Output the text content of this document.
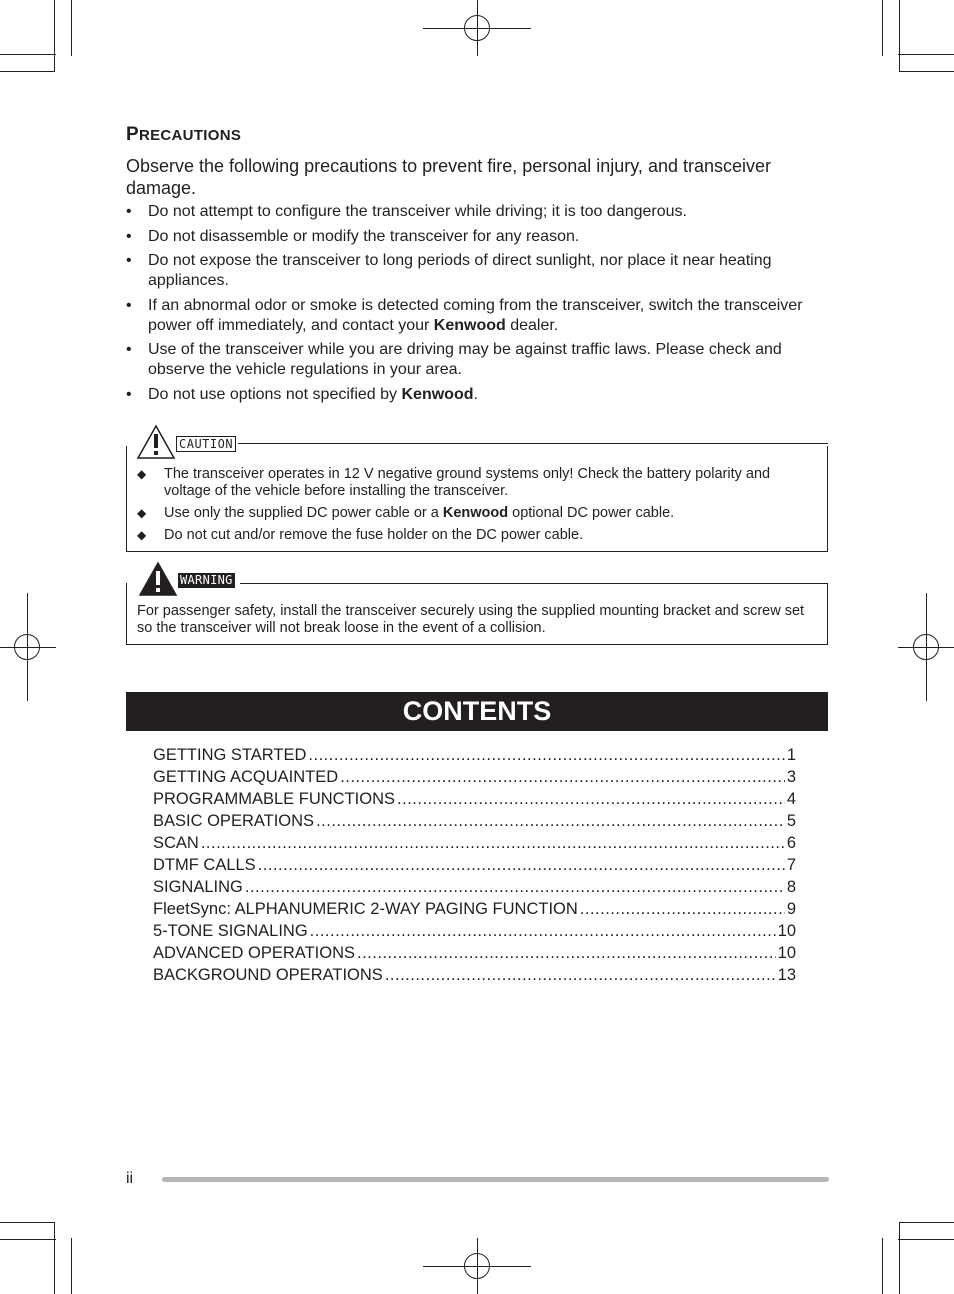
PRECAUTIONS
Observe the following precautions to prevent fire, personal injury, and transceiver damage.
• Do not attempt to configure the transceiver while driving; it is too dangerous.
• Do not disassemble or modify the transceiver for any reason.
• Do not expose the transceiver to long periods of direct sunlight, nor place it near heating appliances.
• If an abnormal odor or smoke is detected coming from the transceiver, switch the transceiver power off immediately, and contact your Kenwood dealer.
• Use of the transceiver while you are driving may be against traffic laws. Please check and observe the vehicle regulations in your area.
• Do not use options not specified by Kenwood.
CAUTION
◆ The transceiver operates in 12 V negative ground systems only! Check the battery polarity and voltage of the vehicle before installing the transceiver.
◆ Use only the supplied DC power cable or a Kenwood optional DC power cable.
◆ Do not cut and/or remove the fuse holder on the DC power cable.
WARNING
For passenger safety, install the transceiver securely using the supplied mounting bracket and screw set so the transceiver will not break loose in the event of a collision.
CONTENTS
GETTING STARTED .....	1
GETTING ACQUAINTED .....	3
PROGRAMMABLE FUNCTIONS .....	4
BASIC OPERATIONS .....	5
SCAN .....	6
DTMF CALLS .....	7
SIGNALING .....	8
FleetSync: ALPHANUMERIC 2-WAY PAGING FUNCTION .....	9
5-TONE SIGNALING .....	10
ADVANCED OPERATIONS .....	10
BACKGROUND OPERATIONS .....	13
ii
